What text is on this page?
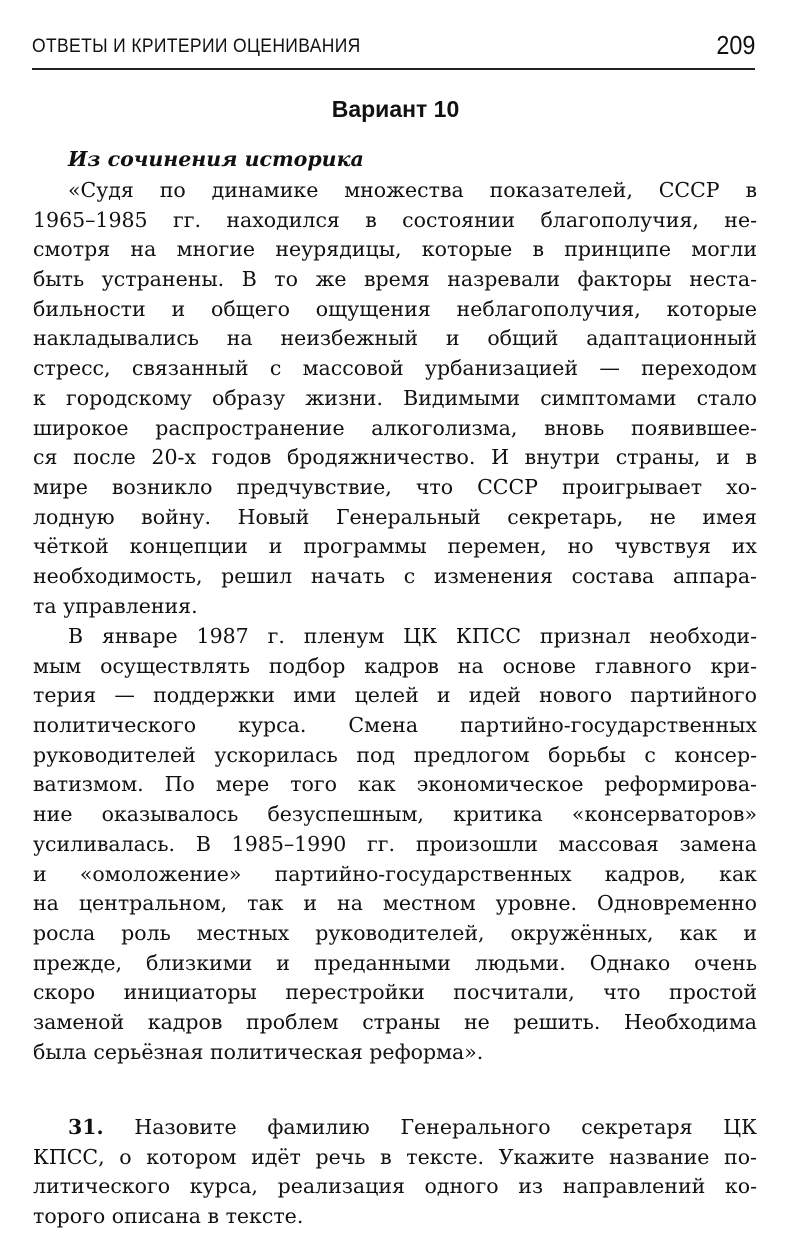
ОТВЕТЫ И КРИТЕРИИ ОЦЕНИВАНИЯ	209
Вариант 10
Из сочинения историка
«Судя по динамике множества показателей, СССР в
1965–1985 гг. находился в состоянии благополучия, не-
смотря на многие неурядицы, которые в принципе могли
быть устранены. В то же время назревали факторы неста-
бильности и общего ощущения неблагополучия, которые
накладывались на неизбежный и общий адаптационный
стресс, связанный с массовой урбанизацией — переходом
к городскому образу жизни. Видимыми симптомами стало
широкое распространение алкоголизма, вновь появившее-
ся после 20-х годов бродяжничество. И внутри страны, и в
мире возникло предчувствие, что СССР проигрывает хо-
лодную войну. Новый Генеральный секретарь, не имея
чёткой концепции и программы перемен, но чувствуя их
необходимость, решил начать с изменения состава аппара-
та управления.
В январе 1987 г. пленум ЦК КПСС признал необходи-
мым осуществлять подбор кадров на основе главного кри-
терия — поддержки ими целей и идей нового партийного
политического курса. Смена партийно-государственных
руководителей ускорилась под предлогом борьбы с консер-
ватизмом. По мере того как экономическое реформирова-
ние оказывалось безуспешным, критика «консерваторов»
усиливалась. В 1985–1990 гг. произошли массовая замена
и «омоложение» партийно-государственных кадров, как
на центральном, так и на местном уровне. Одновременно
росла роль местных руководителей, окружённых, как и
прежде, близкими и преданными людьми. Однако очень
скоро инициаторы перестройки посчитали, что простой
заменой кадров проблем страны не решить. Необходима
была серьёзная политическая реформа».
31. Назовите фамилию Генерального секретаря ЦК
КПСС, о котором идёт речь в тексте. Укажите название по-
литического курса, реализация одного из направлений ко-
торого описана в тексте.
